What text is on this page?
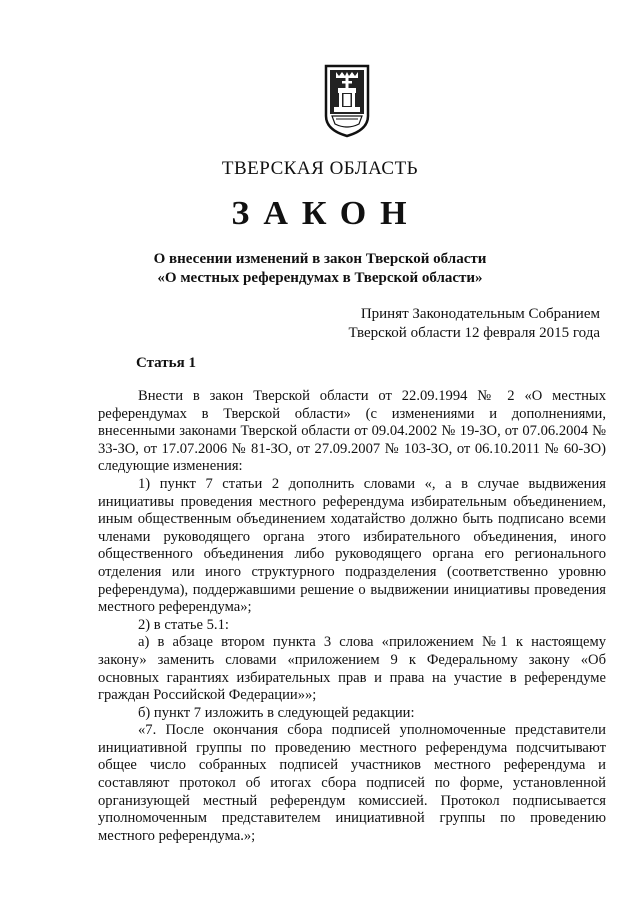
ТВЕРСКАЯ ОБЛАСТЬ
ЗАКОН
О внесении изменений в закон Тверской области
«О местных референдумах в Тверской области»
Принят Законодательным Собранием
Тверской области 12 февраля 2015 года
Статья 1

Внести в закон Тверской области от 22.09.1994 № 2 «О местных референдумах в Тверской области» (с изменениями и дополнениями, внесенными законами Тверской области от 09.04.2002 № 19-ЗО, от 07.06.2004 № 33-ЗО, от 17.07.2006 № 81-ЗО, от 27.09.2007 № 103-ЗО, от 06.10.2011 № 60-ЗО) следующие изменения:

1) пункт 7 статьи 2 дополнить словами «, а в случае выдвижения инициативы проведения местного референдума избирательным объединением, иным общественным объединением ходатайство должно быть подписано всеми членами руководящего органа этого избирательного объединения, иного общественного объединения либо руководящего органа его регионального отделения или иного структурного подразделения (соответственно уровню референдума), поддержавшими решение о выдвижении инициативы проведения местного референдума»;

2) в статье 5.1:

а) в абзаце втором пункта 3 слова «приложением №1 к настоящему закону» заменить словами «приложением 9 к Федеральному закону «Об основных гарантиях избирательных прав и права на участие в референдуме граждан Российской Федерации»»;

б) пункт 7 изложить в следующей редакции:

«7. После окончания сбора подписей уполномоченные представители инициативной группы по проведению местного референдума подсчитывают общее число собранных подписей участников местного референдума и составляют протокол об итогах сбора подписей по форме, установленной организующей местный референдум комиссией. Протокол подписывается уполномоченным представителем инициативной группы по проведению местного референдума.»;
